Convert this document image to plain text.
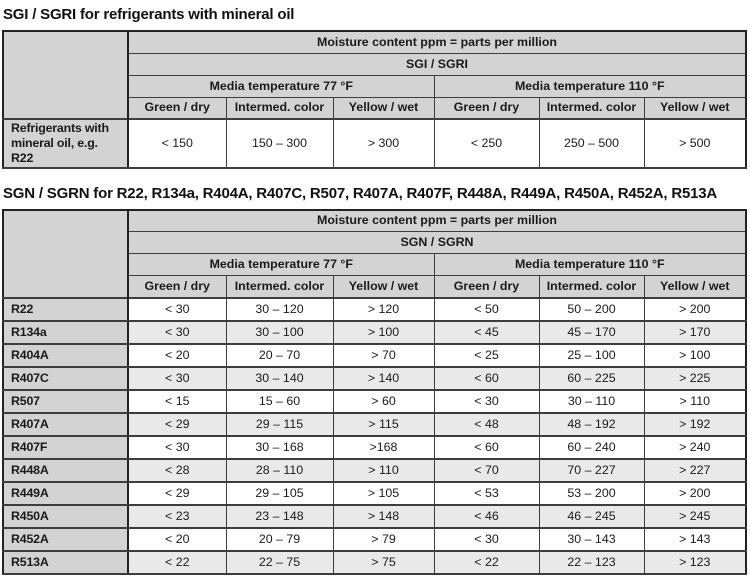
SGI / SGRI for refrigerants with mineral oil
	Moisture content ppm = parts per million					
	SGI / SGRI					
	Media temperature 77 °F			Media temperature 110 °F		
	Green / dry	Intermed. color	Yellow / wet	Green / dry	Intermed. color	Yellow / wet
Refrigerants with mineral oil, e.g. R22	< 150	150 – 300	> 300	< 250	250 – 500	> 500
SGN / SGRN for R22, R134a, R404A, R407C, R507, R407A, R407F, R448A, R449A, R450A, R452A, R513A
	Moisture content ppm = parts per million					
	SGN / SGRN					
	Media temperature 77 °F			Media temperature 110 °F		
	Green / dry	Intermed. color	Yellow / wet	Green / dry	Intermed. color	Yellow / wet
R22	< 30	30 – 120	> 120	< 50	50 – 200	> 200
R134a	< 30	30 – 100	> 100	< 45	45 – 170	> 170
R404A	< 20	20 – 70	> 70	< 25	25 – 100	> 100
R407C	< 30	30 – 140	> 140	< 60	60 – 225	> 225
R507	< 15	15 – 60	> 60	< 30	30 – 110	> 110
R407A	< 29	29 – 115	> 115	< 48	48 – 192	> 192
R407F	< 30	30 – 168	>168	< 60	60 – 240	> 240
R448A	< 28	28 – 110	> 110	< 70	70 – 227	> 227
R449A	< 29	29 – 105	> 105	< 53	53 – 200	> 200
R450A	< 23	23 – 148	> 148	< 46	46 – 245	> 245
R452A	< 20	20 – 79	> 79	< 30	30 – 143	> 143
R513A	< 22	22 – 75	> 75	< 22	22 – 123	> 123
